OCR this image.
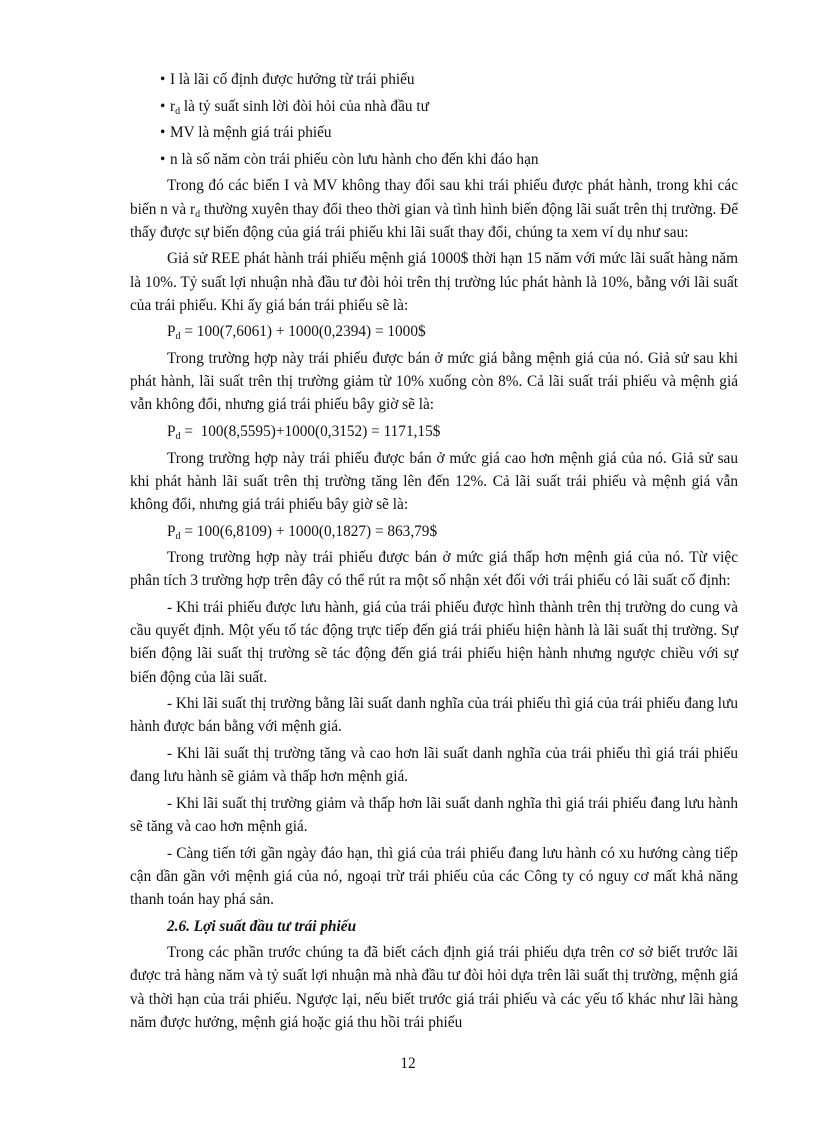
• I là lãi cố định được hưởng từ trái phiếu
• $r_d$ là tỷ suất sinh lời đòi hỏi của nhà đầu tư
• MV là mệnh giá trái phiếu
• n là số năm còn trái phiếu còn lưu hành cho đến khi đáo hạn

Trong đó các biến I và MV không thay đổi sau khi trái phiếu được phát hành, trong khi các biến n và $r_d$ thường xuyên thay đổi theo thời gian và tình hình biến động lãi suất trên thị trường. Để thấy được sự biến động của giá trái phiếu khi lãi suất thay đổi, chúng ta xem ví dụ như sau:

Giả sử REE phát hành trái phiếu mệnh giá 1000$ thời hạn 15 năm với mức lãi suất hàng năm là 10%. Tỷ suất lợi nhuận nhà đầu tư đòi hỏi trên thị trường lúc phát hành là 10%, bằng với lãi suất của trái phiếu. Khi ấy giá bán trái phiếu sẽ là:

$P_d = 100(7,6061) + 1000(0,2394)$ = 1000$

Trong trường hợp này trái phiếu được bán ở mức giá bằng mệnh giá của nó. Giả sử sau khi phát hành, lãi suất trên thị trường giảm từ 10% xuống còn 8%. Cả lãi suất trái phiếu và mệnh giá vẫn không đổi, nhưng giá trái phiếu bây giờ sẽ là:

$P_d = 100(8,5595)+1000(0,3152)$ = 1171,15$

Trong trường hợp này trái phiếu được bán ở mức giá cao hơn mệnh giá của nó. Giả sử sau khi phát hành lãi suất trên thị trường tăng lên đến 12%. Cả lãi suất trái phiếu và mệnh giá vẫn không đổi, nhưng giá trái phiếu bây giờ sẽ là:

$P_d = 100(6,8109) + 1000(0,1827)$ = 863,79$

Trong trường hợp này trái phiếu được bán ở mức giá thấp hơn mệnh giá của nó. Từ việc phân tích 3 trường hợp trên đây có thể rút ra một số nhận xét đối với trái phiếu có lãi suất cố định:

- Khi trái phiếu được lưu hành, giá của trái phiếu được hình thành trên thị trường do cung và cầu quyết định. Một yếu tố tác động trực tiếp đến giá trái phiếu hiện hành là lãi suất thị trường. Sự biến động lãi suất thị trường sẽ tác động đến giá trái phiếu hiện hành nhưng ngược chiều với sự biến động của lãi suất.

- Khi lãi suất thị trường bằng lãi suất danh nghĩa của trái phiếu thì giá của trái phiếu đang lưu hành được bán bằng với mệnh giá.

- Khi lãi suất thị trường tăng và cao hơn lãi suất danh nghĩa của trái phiếu thì giá trái phiếu đang lưu hành sẽ giảm và thấp hơn mệnh giá.

- Khi lãi suất thị trường giảm và thấp hơn lãi suất danh nghĩa thì giá trái phiếu đang lưu hành sẽ tăng và cao hơn mệnh giá.

- Càng tiến tới gần ngày đáo hạn, thì giá của trái phiếu đang lưu hành có xu hướng càng tiếp cận dần gần với mệnh giá của nó, ngoại trừ trái phiếu của các Công ty có nguy cơ mất khả năng thanh toán hay phá sản.

2.6. Lợi suất đầu tư trái phiếu

Trong các phần trước chúng ta đã biết cách định giá trái phiếu dựa trên cơ sở biết trước lãi được trả hàng năm và tỷ suất lợi nhuận mà nhà đầu tư đòi hỏi dựa trên lãi suất thị trường, mệnh giá và thời hạn của trái phiếu. Ngược lại, nếu biết trước giá trái phiếu và các yếu tố khác như lãi hàng năm được hưởng, mệnh giá hoặc giá thu hồi trái phiếu

12
